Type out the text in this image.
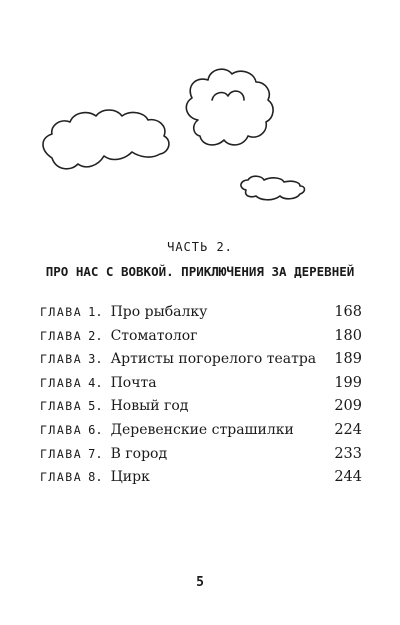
ЧАСТЬ 2.
ПРО НАС С ВОВКОЙ. ПРИКЛЮЧЕНИЯ ЗА ДЕРЕВНЕЙ
ГЛАВА 1. Про рыбалку	168
ГЛАВА 2. Стоматолог	180
ГЛАВА 3. Артисты погорелого театра	189
ГЛАВА 4. Почта	199
ГЛАВА 5. Новый год	209
ГЛАВА 6. Деревенские страшилки	224
ГЛАВА 7. В город	233
ГЛАВА 8. Цирк	244
5
